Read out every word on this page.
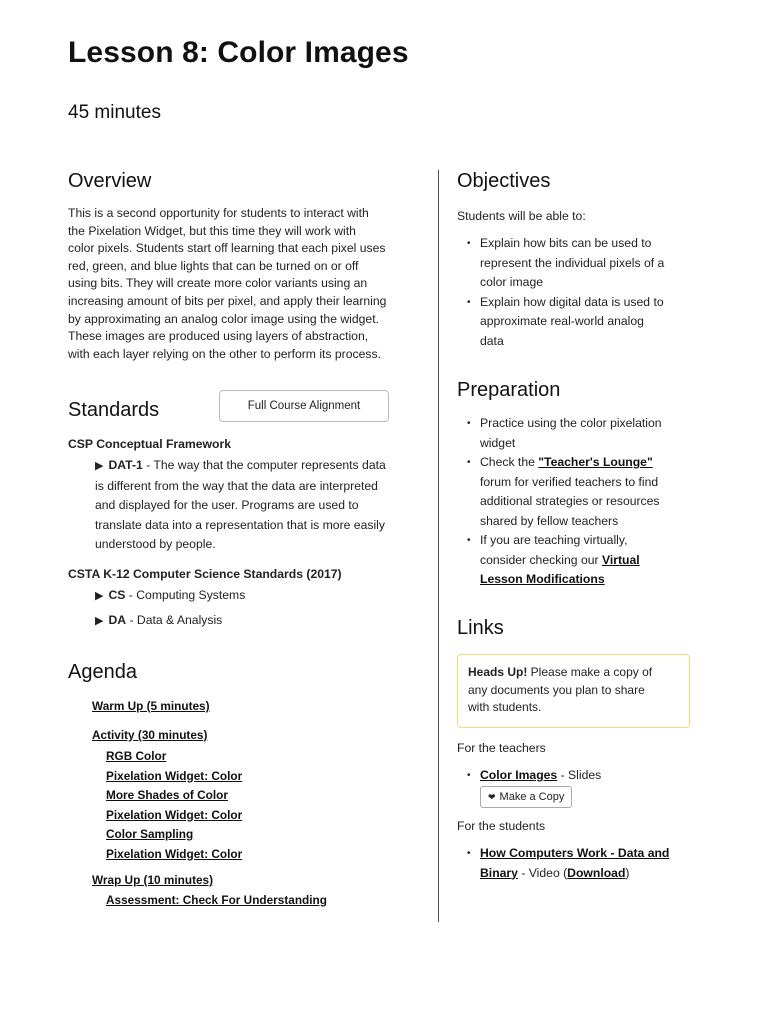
Lesson 8: Color Images
45 minutes
Overview
This is a second opportunity for students to interact with
the Pixelation Widget, but this time they will work with
color pixels. Students start off learning that each pixel uses
red, green, and blue lights that can be turned on or off
using bits. They will create more color variants using an
increasing amount of bits per pixel, and apply their learning
by approximating an analog color image using the widget.
These images are produced using layers of abstraction,
with each layer relying on the other to perform its process.
Standards	Full Course Alignment
CSP Conceptual Framework
▶ DAT-1 - The way that the computer represents data
is different from the way that the data are interpreted
and displayed for the user. Programs are used to
translate data into a representation that is more easily
understood by people.
CSTA K-12 Computer Science Standards (2017)
▶ CS - Computing Systems
▶ DA - Data & Analysis
Agenda
Warm Up (5 minutes)
Activity (30 minutes)
RGB Color
Pixelation Widget: Color
More Shades of Color
Pixelation Widget: Color
Color Sampling
Pixelation Widget: Color
Wrap Up (10 minutes)
Assessment: Check For Understanding
Objectives
Students will be able to:
• Explain how bits can be used to
represent the individual pixels of a
color image
• Explain how digital data is used to
approximate real-world analog
data
Preparation
• Practice using the color pixelation
widget
• Check the "Teacher's Lounge"
forum for verified teachers to find
additional strategies or resources
shared by fellow teachers
• If you are teaching virtually,
consider checking our Virtual
Lesson Modifications
Links
Heads Up! Please make a copy of
any documents you plan to share
with students.
For the teachers
• Color Images - Slides
❤ Make a Copy
For the students
• How Computers Work - Data and
Binary - Video (Download)
